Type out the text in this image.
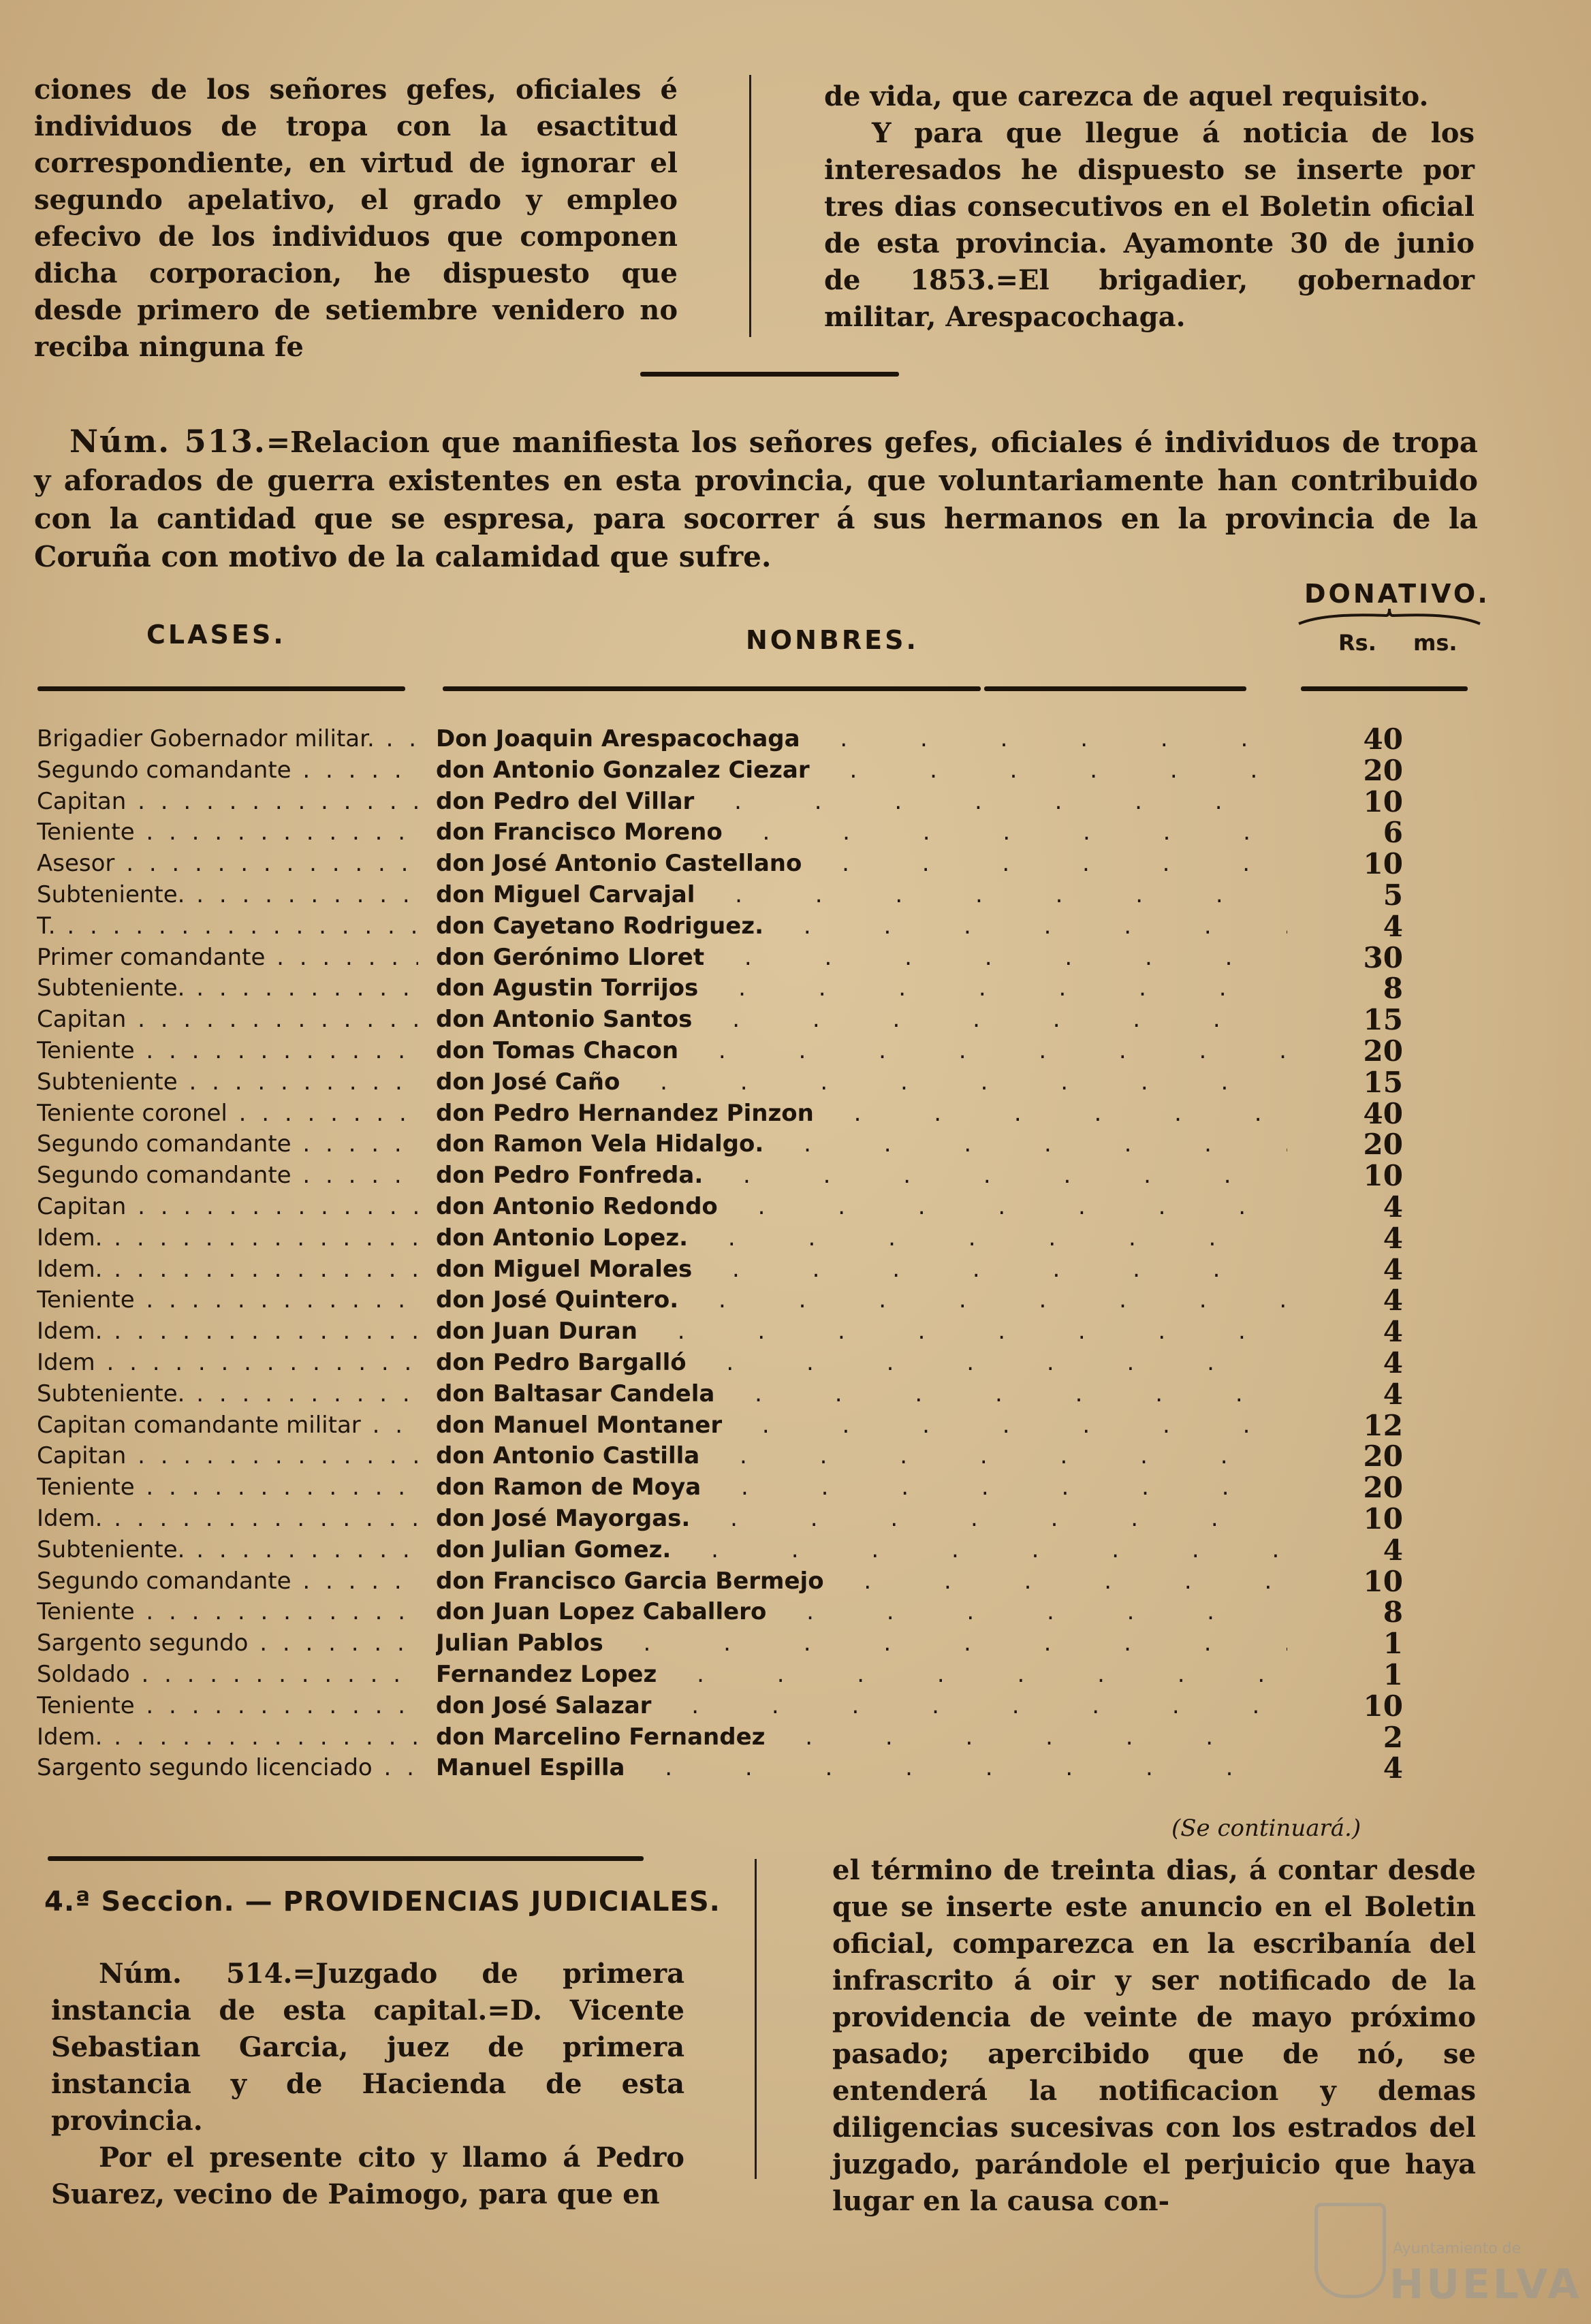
ciones de los señores gefes, oficiales é individuos de tropa con la esactitud correspondiente, en virtud de ignorar el segundo apelativo, el grado y empleo efecivo de los individuos que componen dicha corporacion, he dispuesto que desde primero de setiembre venidero no reciba ninguna fe

de vida, que carezca de aquel requisito.

Y para que llegue á noticia de los interesados he dispuesto se inserte por tres dias consecutivos en el Boletin oficial de esta provincia. Ayamonte 30 de junio de 1853.=El brigadier, gobernador militar, Arespacochaga.

Núm. 513.=Relacion que manifiesta los señores gefes, oficiales é individuos de tropa y aforados de guerra existentes en esta provincia, que voluntariamente han contribuido con la cantidad que se espresa, para socorrer á sus hermanos en la provincia de la Coruña con motivo de la calamidad que sufre.
CLASES.	NONBRES.
DONATIVO.
Rs. ms.
Brigadier Gobernador militar. . . .	Don Joaquin Arespacochaga . . .	40
Segundo comandante . . .	don Antonio Gonzalez Ciezar . . .	20
Capitan . . .	don Pedro del Villar . . .	10
Teniente . . .	don Francisco Moreno . . .	6
Asesor . . .	don José Antonio Castellano . . .	10
Subteniente. . . .	don Miguel Carvajal . . .	5
T. . . .	don Cayetano Rodriguez. . . .	4
Primer comandante . . .	don Gerónimo Lloret . . .	30
Subteniente. . . .	don Agustin Torrijos . . .	8
Capitan . . .	don Antonio Santos . . .	15
Teniente . . .	don Tomas Chacon . . .	20
Subteniente . . .	don José Caño . . .	15
Teniente coronel . . .	don Pedro Hernandez Pinzon . . .	40
Segundo comandante . . .	don Ramon Vela Hidalgo. . . .	20
Segundo comandante . . .	don Pedro Fonfreda. . . .	10
Capitan . . .	don Antonio Redondo . . .	4
Idem. . . .	don Antonio Lopez. . . .	4
Idem. . . .	don Miguel Morales . . .	4
Teniente . . .	don José Quintero. . . .	4
Idem. . . .	don Juan Duran . . .	4
Idem . . .	don Pedro Bargalló . . .	4
Subteniente. . . .	don Baltasar Candela . . .	4
Capitan comandante militar . . .	don Manuel Montaner . . .	12
Capitan . . .	don Antonio Castilla . . .	20
Teniente . . .	don Ramon de Moya . . .	20
Idem. . . .	don José Mayorgas. . . .	10
Subteniente. . . .	don Julian Gomez. . . .	4
Segundo comandante . . .	don Francisco Garcia Bermejo . . .	10
Teniente . . .	don Juan Lopez Caballero . . .	8
Sargento segundo . . .	Julian Pablos . . .	1
Soldado . . .	Fernandez Lopez . . .	1
Teniente . . .	don José Salazar . . .	10
Idem. . . .	don Marcelino Fernandez . . .	2
Sargento segundo licenciado . . .	Manuel Espilla . . .	4
(Se continuará.)
4.ª Seccion. — PROVIDENCIAS JUDICIALES.

Núm. 514.=Juzgado de primera instancia de esta capital.=D. Vicente Sebastian Garcia, juez de primera instancia y de Hacienda de esta provincia.

Por el presente cito y llamo á Pedro Suarez, vecino de Paimogo, para que en

el término de treinta dias, á contar desde que se inserte este anuncio en el Boletin oficial, comparezca en la escribanía del infrascrito á oir y ser notificado de la providencia de veinte de mayo próximo pasado; apercibido que de nó, se entenderá la notificacion y demas diligencias sucesivas con los estrados del juzgado, parándole el perjuicio que haya lugar en la causa con-

Ayuntamiento de
HUELVA
